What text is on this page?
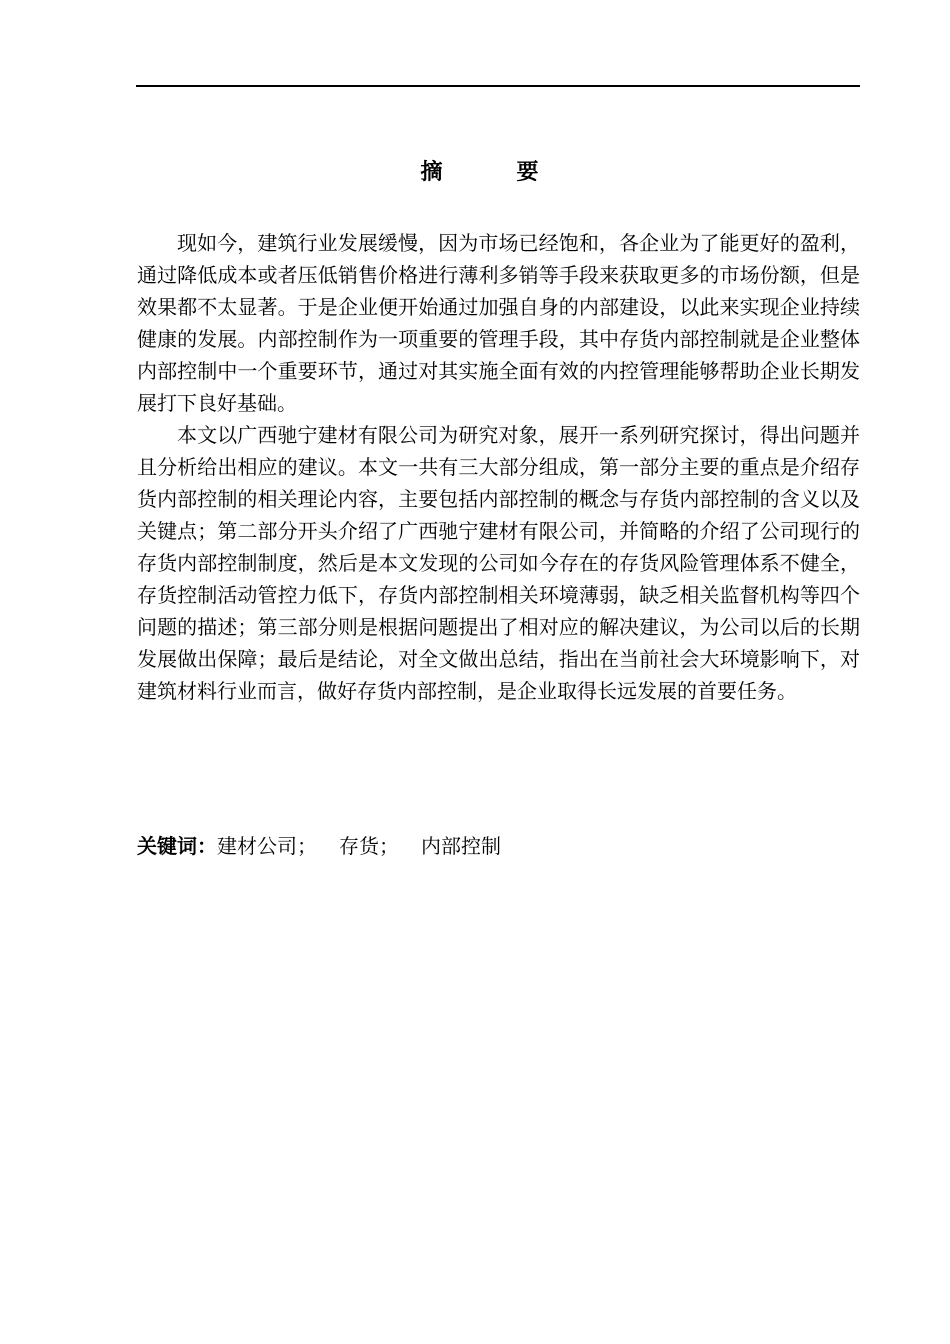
摘　要

现如今，建筑行业发展缓慢，因为市场已经饱和，各企业为了能更好的盈利，通过降低成本或者压低销售价格进行薄利多销等手段来获取更多的市场份额，但是效果都不太显著。于是企业便开始通过加强自身的内部建设，以此来实现企业持续健康的发展。内部控制作为一项重要的管理手段，其中存货内部控制就是企业整体内部控制中一个重要环节，通过对其实施全面有效的内控管理能够帮助企业长期发展打下良好基础。

本文以广西驰宁建材有限公司为研究对象，展开一系列研究探讨，得出问题并且分析给出相应的建议。本文一共有三大部分组成，第一部分主要的重点是介绍存货内部控制的相关理论内容，主要包括内部控制的概念与存货内部控制的含义以及关键点；第二部分开头介绍了广西驰宁建材有限公司，并简略的介绍了公司现行的存货内部控制制度，然后是本文发现的公司如今存在的存货风险管理体系不健全，存货控制活动管控力低下，存货内部控制相关环境薄弱，缺乏相关监督机构等四个问题的描述；第三部分则是根据问题提出了相对应的解决建议，为公司以后的长期发展做出保障；最后是结论，对全文做出总结，指出在当前社会大环境影响下，对建筑材料行业而言，做好存货内部控制，是企业取得长远发展的首要任务。

关键词：建材公司； 存货； 内部控制
